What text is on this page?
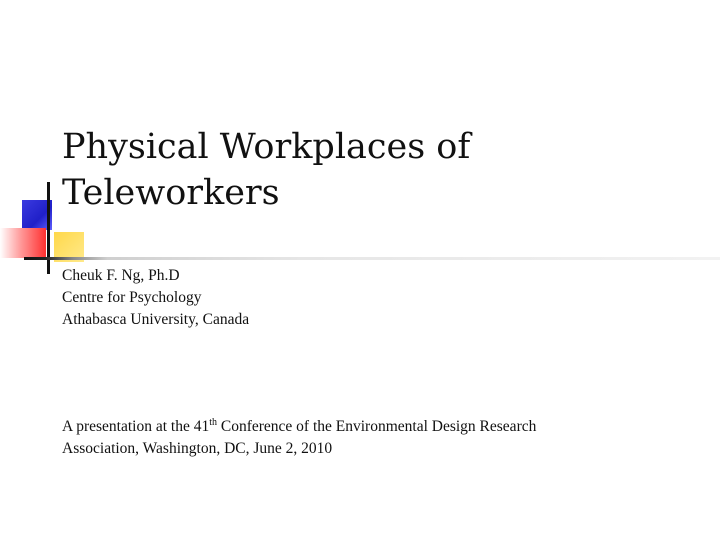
Physical Workplaces of
Teleworkers
Cheuk F. Ng, Ph.D
Centre for Psychology
Athabasca University, Canada
A presentation at the 41th Conference of the Environmental Design Research
Association, Washington, DC, June 2, 2010
